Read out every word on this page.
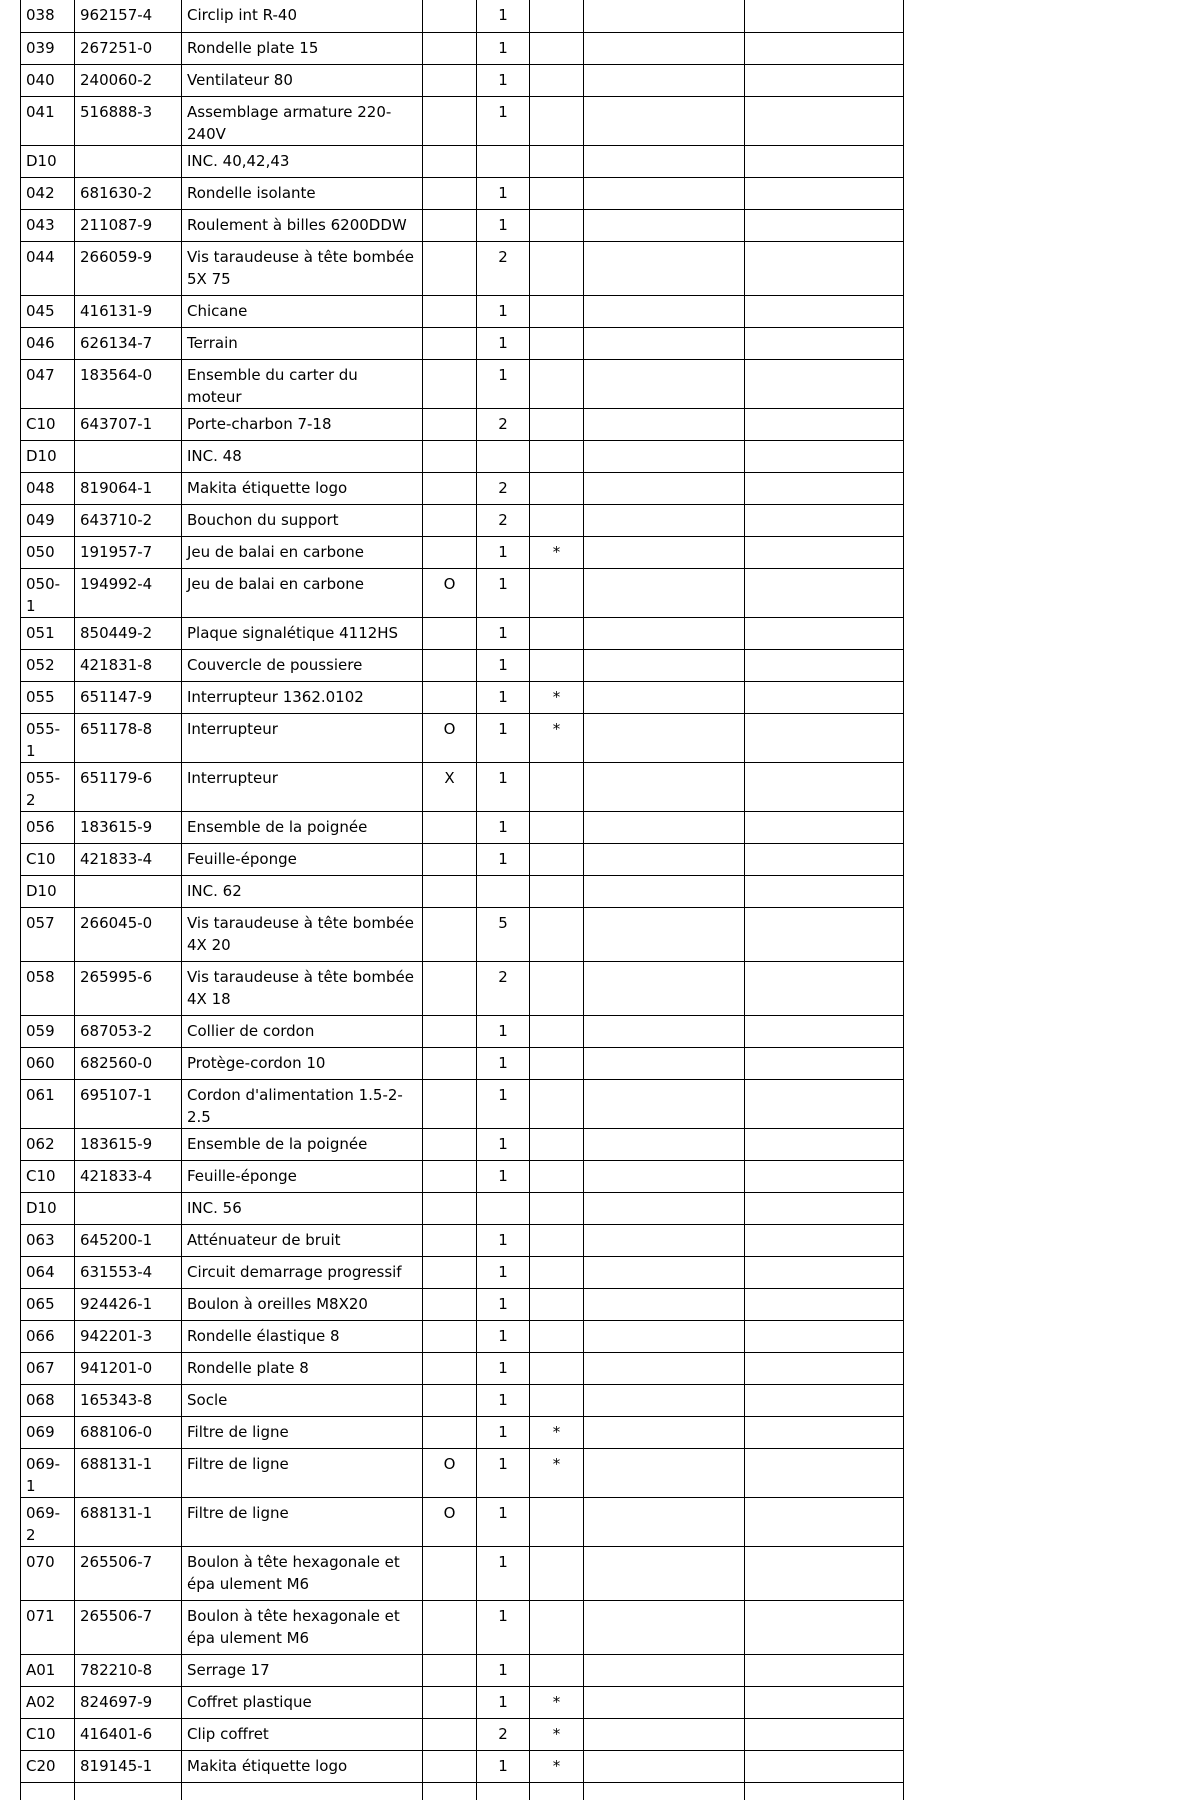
038	962157-4	Circlip int R-40		1			
039	267251-0	Rondelle plate 15		1			
040	240060-2	Ventilateur 80		1			
041	516888-3	Assemblage armature 220-240V		1			
D10		INC. 40,42,43					
042	681630-2	Rondelle isolante		1			
043	211087-9	Roulement à billes 6200DDW		1			
044	266059-9	Vis taraudeuse à tête bombée 5X 75		2			
045	416131-9	Chicane		1			
046	626134-7	Terrain		1			
047	183564-0	Ensemble du carter du moteur		1			
C10	643707-1	Porte-charbon 7-18		2			
D10		INC. 48					
048	819064-1	Makita étiquette logo		2			
049	643710-2	Bouchon du support		2			
050	191957-7	Jeu de balai en carbone		1	*		
050-1	194992-4	Jeu de balai en carbone	O	1			
051	850449-2	Plaque signalétique 4112HS		1			
052	421831-8	Couvercle de poussiere		1			
055	651147-9	Interrupteur 1362.0102		1	*		
055-1	651178-8	Interrupteur	O	1	*		
055-2	651179-6	Interrupteur	X	1			
056	183615-9	Ensemble de la poignée		1			
C10	421833-4	Feuille-éponge		1			
D10		INC. 62					
057	266045-0	Vis taraudeuse à tête bombée 4X 20		5			
058	265995-6	Vis taraudeuse à tête bombée 4X 18		2			
059	687053-2	Collier de cordon		1			
060	682560-0	Protège-cordon 10		1			
061	695107-1	Cordon d'alimentation 1.5-2-2.5		1			
062	183615-9	Ensemble de la poignée		1			
C10	421833-4	Feuille-éponge		1			
D10		INC. 56					
063	645200-1	Atténuateur de bruit		1			
064	631553-4	Circuit demarrage progressif		1			
065	924426-1	Boulon à oreilles M8X20		1			
066	942201-3	Rondelle élastique 8		1			
067	941201-0	Rondelle plate 8		1			
068	165343-8	Socle		1			
069	688106-0	Filtre de ligne		1	*		
069-1	688131-1	Filtre de ligne	O	1	*		
069-2	688131-1	Filtre de ligne	O	1			
070	265506-7	Boulon à tête hexagonale et épa ulement M6		1			
071	265506-7	Boulon à tête hexagonale et épa ulement M6		1			
A01	782210-8	Serrage 17		1			
A02	824697-9	Coffret plastique		1	*		
C10	416401-6	Clip coffret		2	*		
C20	819145-1	Makita étiquette logo		1	*		
